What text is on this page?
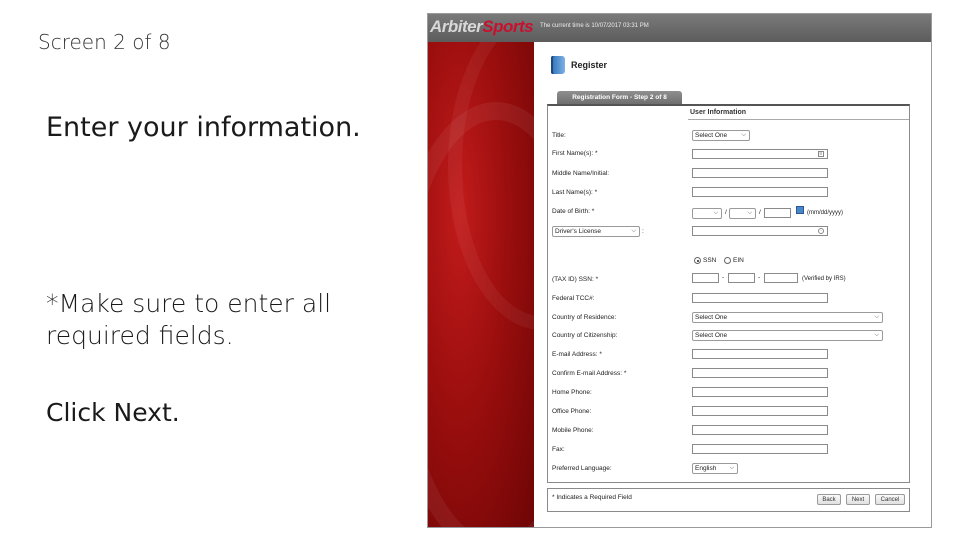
Screen 2 of 8
Enter your information.
*Make sure to enter all required fields.
Click Next.
ArbiterSports The current time is 10/07/2017 03:31 PM
Register
Registration Form - Step 2 of 8
User Information
Title:	Select One ⌵
First Name(s): *	≡
Middle Name/Initial:
Last Name(s): *
Date of Birth: *	⌵ /	⌵ /	(mm/dd/yyyy)
Driver's License	⌵ :	·
SSN	EIN
(TAX ID) SSN: *	-	-	(Verified by IRS)
Federal TCC#:
Country of Residence:	Select One	⌵
Country of Citizenship:	Select One	⌵
E-mail Address: *
Confirm E-mail Address: *
Home Phone:
Office Phone:
Mobile Phone:
Fax:
Preferred Language:	English ⌵
* Indicates a Required Field	Back	Next	Cancel
